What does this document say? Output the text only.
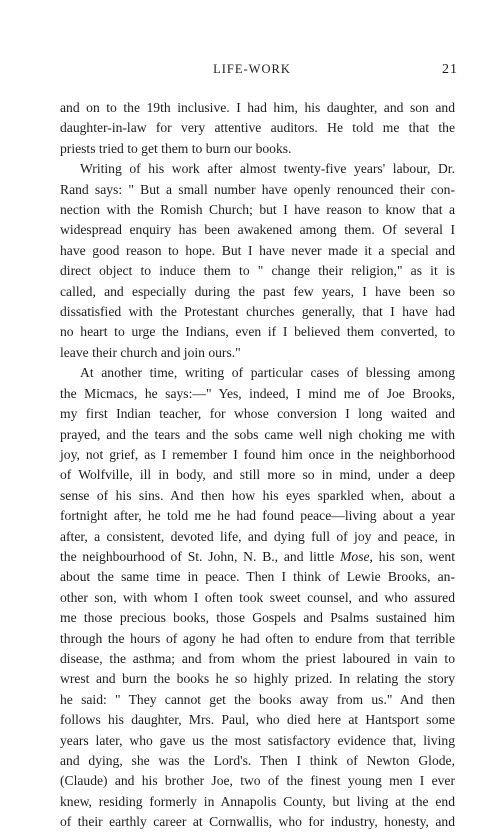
LIFE-WORK	21
and on to the 19th inclusive. I had him, his daughter, and son and
daughter-in-law for very attentive auditors. He told me that the
priests tried to get them to burn our books.
Writing of his work after almost twenty-five years' labour, Dr.
Rand says: " But a small number have openly renounced their con-
nection with the Romish Church; but I have reason to know that a
widespread enquiry has been awakened among them. Of several I
have good reason to hope. But I have never made it a special and
direct object to induce them to " change their religion," as it is
called, and especially during the past few years, I have been so
dissatisfied with the Protestant churches generally, that I have had
no heart to urge the Indians, even if I believed them converted, to
leave their church and join ours."
At another time, writing of particular cases of blessing among
the Micmacs, he says:—" Yes, indeed, I mind me of Joe Brooks,
my first Indian teacher, for whose conversion I long waited and
prayed, and the tears and the sobs came well nigh choking me with
joy, not grief, as I remember I found him once in the neighborhood
of Wolfville, ill in body, and still more so in mind, under a deep
sense of his sins. And then how his eyes sparkled when, about a
fortnight after, he told me he had found peace—living about a year
after, a consistent, devoted life, and dying full of joy and peace, in
the neighbourhood of St. John, N. B., and little Mose, his son, went
about the same time in peace. Then I think of Lewie Brooks, an-
other son, with whom I often took sweet counsel, and who assured
me those precious books, those Gospels and Psalms sustained him
through the hours of agony he had often to endure from that terrible
disease, the asthma; and from whom the priest laboured in vain to
wrest and burn the books he so highly prized. In relating the story
he said: " They cannot get the books away from us." And then
follows his daughter, Mrs. Paul, who died here at Hantsport some
years later, who gave us the most satisfactory evidence that, living
and dying, she was the Lord's. Then I think of Newton Glode,
(Claude) and his brother Joe, two of the finest young men I ever
knew, residing formerly in Annapolis County, but living at the end
of their earthly career at Cornwallis, who for industry, honesty, and
